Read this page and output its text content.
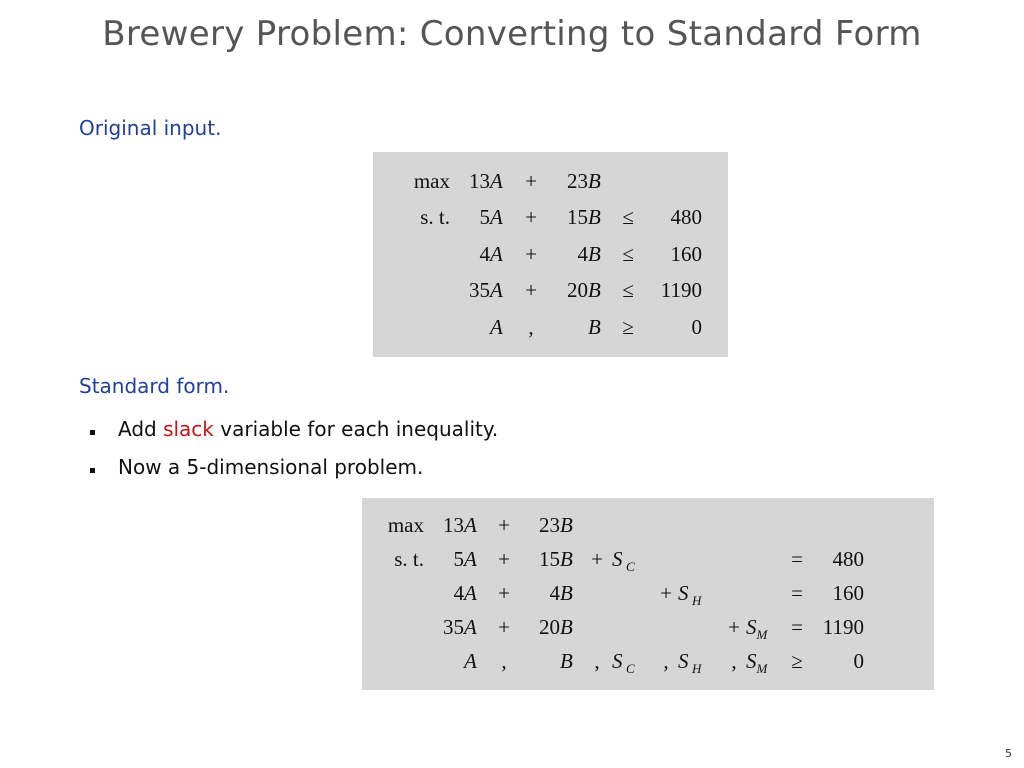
Brewery Problem: Converting to Standard Form
Original input.
max	13	A	+	23	B		
s. t.	5	A	+	15	B	≤	480
	4	A	+	4	B	≤	160
	35	A	+	20	B	≤	1190
		A	,		B	≥	0
Standard form.
Add slack variable for each inequality.
Now a 5-dimensional problem.
max	13	A	+	23	B										
s. t.	5	A	+	15	B	+	S	$_C$						=	480
	4	A	+	4	B				+	S	$_H$			=	160
	35	A	+	20	B							+	$S_M$	=	1190
		A	,		B	,	S	$_C$	,	S	$_H$	,	$S_M$	≥	0
5
